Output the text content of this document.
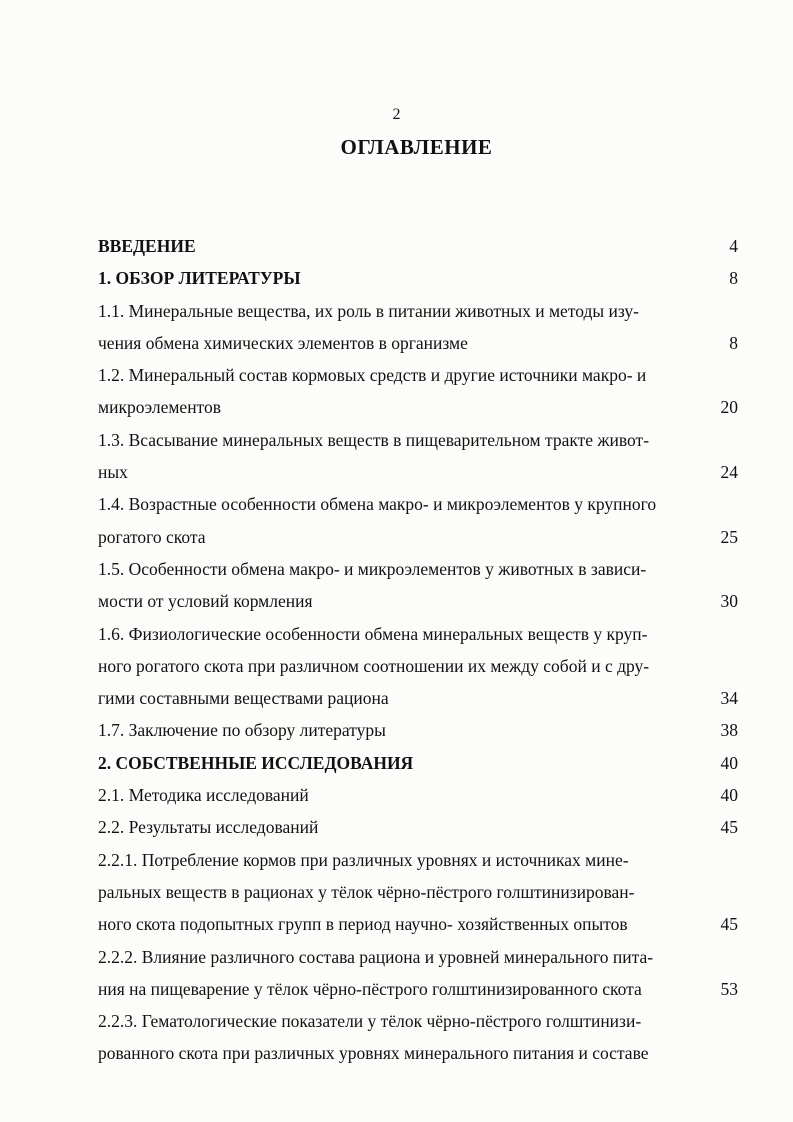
2
ОГЛАВЛЕНИЕ
ВВЕДЕНИЕ	4
1. ОБЗОР ЛИТЕРАТУРЫ	8
1.1. Минеральные вещества, их роль в питании животных и методы изу-
чения обмена химических элементов в организме	8
1.2. Минеральный состав кормовых средств и другие источники макро- и
микроэлементов	20
1.3. Всасывание минеральных веществ в пищеварительном тракте живот-
ных	24
1.4. Возрастные особенности обмена макро- и микроэлементов у крупного
рогатого скота	25
1.5. Особенности обмена макро- и микроэлементов у животных в зависи-
мости от условий кормления	30
1.6. Физиологические особенности обмена минеральных веществ у круп-
ного рогатого скота при различном соотношении их между собой и с дру-
гими составными веществами рациона	34
1.7. Заключение по обзору литературы	38
2. СОБСТВЕННЫЕ ИССЛЕДОВАНИЯ	40
2.1. Методика исследований	40
2.2. Результаты исследований	45
2.2.1. Потребление кормов при различных уровнях и источниках мине-
ральных веществ в рационах у тёлок чёрно-пёстрого голштинизирован-
ного скота подопытных групп в период научно- хозяйственных опытов	45
2.2.2. Влияние различного состава рациона и уровней минерального пита-
ния на пищеварение у тёлок чёрно-пёстрого голштинизированного скота	53
2.2.3. Гематологические показатели у тёлок чёрно-пёстрого голштинизи-
рованного скота при различных уровнях минерального питания и составе
